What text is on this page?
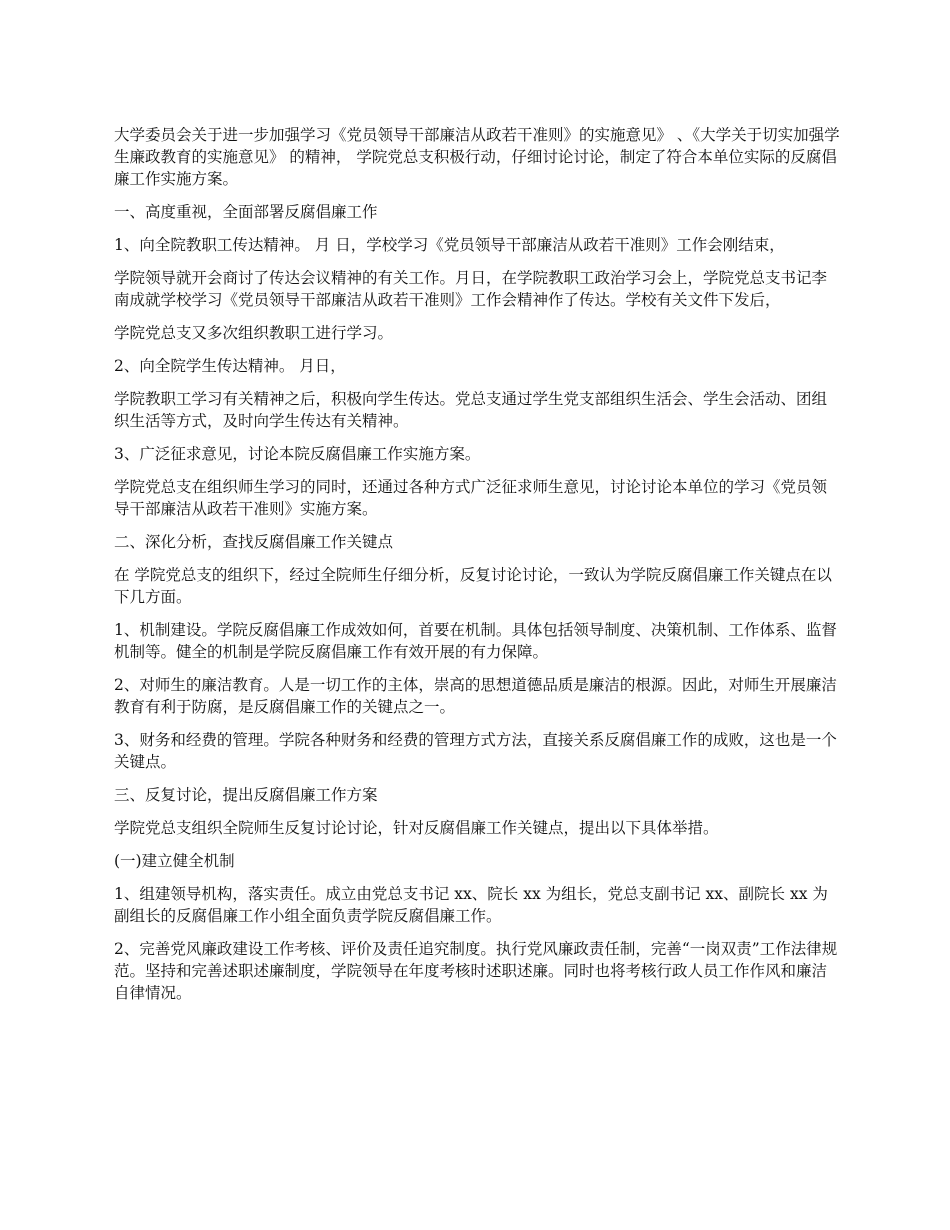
大学委员会关于进一步加强学习《党员领导干部廉洁从政若干准则》的实施意见》 、《大学关于切实加强学生廉政教育的实施意见》 的精神， 学院党总支积极行动，仔细讨论讨论，制定了符合本单位实际的反腐倡廉工作实施方案。

一、高度重视，全面部署反腐倡廉工作

1、向全院教职工传达精神。 月 日，学校学习《党员领导干部廉洁从政若干准则》工作会刚结束，

学院领导就开会商讨了传达会议精神的有关工作。月日，在学院教职工政治学习会上，学院党总支书记李南成就学校学习《党员领导干部廉洁从政若干准则》工作会精神作了传达。学校有关文件下发后，

学院党总支又多次组织教职工进行学习。

2、向全院学生传达精神。 月日，

学院教职工学习有关精神之后，积极向学生传达。党总支通过学生党支部组织生活会、学生会活动、团组织生活等方式，及时向学生传达有关精神。

3、广泛征求意见，讨论本院反腐倡廉工作实施方案。

学院党总支在组织师生学习的同时，还通过各种方式广泛征求师生意见，讨论讨论本单位的学习《党员领导干部廉洁从政若干准则》实施方案。

二、深化分析，查找反腐倡廉工作关键点

在 学院党总支的组织下，经过全院师生仔细分析，反复讨论讨论，一致认为学院反腐倡廉工作关键点在以下几方面。

1、机制建设。学院反腐倡廉工作成效如何，首要在机制。具体包括领导制度、决策机制、工作体系、监督机制等。健全的机制是学院反腐倡廉工作有效开展的有力保障。

2、对师生的廉洁教育。人是一切工作的主体，崇高的思想道德品质是廉洁的根源。因此，对师生开展廉洁教育有利于防腐，是反腐倡廉工作的关键点之一。

3、财务和经费的管理。学院各种财务和经费的管理方式方法，直接关系反腐倡廉工作的成败，这也是一个关键点。

三、反复讨论，提出反腐倡廉工作方案

学院党总支组织全院师生反复讨论讨论，针对反腐倡廉工作关键点，提出以下具体举措。

(一)建立健全机制

1、组建领导机构，落实责任。成立由党总支书记 xx、院长 xx 为组长，党总支副书记 xx、副院长 xx 为副组长的反腐倡廉工作小组全面负责学院反腐倡廉工作。

2、完善党风廉政建设工作考核、评价及责任追究制度。执行党风廉政责任制，完善“一岗双责”工作法律规范。坚持和完善述职述廉制度，学院领导在年度考核时述职述廉。同时也将考核行政人员工作作风和廉洁自律情况。
